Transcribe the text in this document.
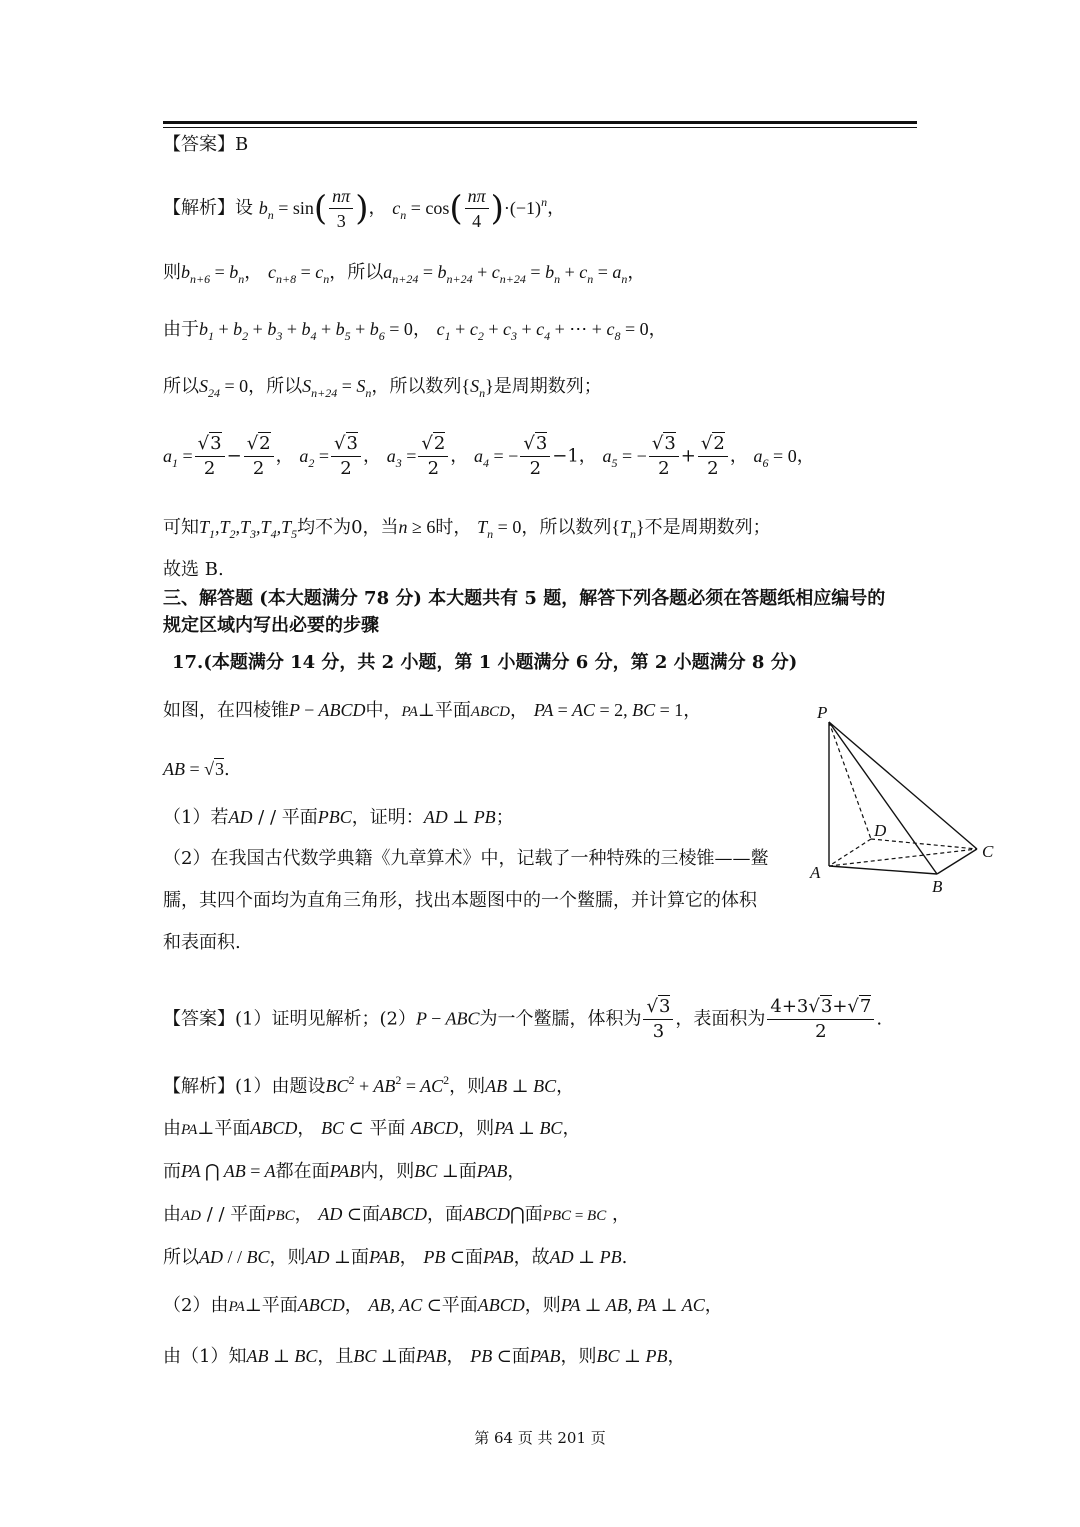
【答案】B
【解析】设 $b_n = \sin( \frac{n\pi}{3}$ )， $c_n = \cos( \frac{n\pi}{4} )\cdot(-1)^n$，
则$b_{n+6} = b_n$， $c_{n+8} = c_n$，所以$a_{n+24} = b_{n+24} + c_{n+24} = b_n + c_n = a_n$，
由于$b_1 + b_2 + b_3 + b_4 + b_5 + b_6 = 0$， $c_1 + c_2 + c_3 + c_4$ + ⋯ + $c_8 = 0$，
所以$S_{24} = 0$，所以$S_{n+24} = S_n$，所以数列$\{S_n\}$是周期数列；
$a_1 = \frac{√3}{2} - \frac{√2}{2}$ ， $a_2 = \frac{√3}{2}$ ， $a_3 = \frac{√2}{2}$ ， $a_4$ = − $\frac{√3}{2} -1$， $a_5$ = − $\frac{√3}{2} + \frac{√2}{2}$ ， $a_6 = 0$，
可知$T_1,T_2,T_3,T_4,T_5$均不为0，当n ≥ 6时， $T_n = 0$，所以数列$\{T_n\}$不是周期数列；
故选 B.
三、解答题 (本大题满分 78 分) 本大题共有 5 题，解答下列各题必须在答题纸相应编号的
规定区域内写出必要的步骤
17.(本题满分 14 分，共 2 小题，第 1 小题满分 6 分，第 2 小题满分 8 分)
如图，在四棱锥P − ABCD中，PA⊥平面ABCD， PA = AC = 2, BC = 1，
AB = √3.
（1）若AD / / 平面PBC，证明：AD ⊥ PB；
（2）在我国古代数学典籍《九章算术》中，记载了一种特殊的三棱锥——鳖
臑，其四个面均为直角三角形，找出本题图中的一个鳖臑，并计算它的体积
和表面积.
P
D
C
A
B
【答案】(1）证明见解析；(2）P − ABC为一个鳖臑，体积为 $\frac{√3}{3}$ ，表面积为 $\frac{4+3√3+√7}{2}$ .
【解析】(1）由题设$BC^2 + AB^2 = AC^2$，则AB ⊥ BC，
由PA⊥平面ABCD， BC ⊂ 平面 ABCD，则PA ⊥ BC，
而PA ⋂ AB = A都在面PAB内，则BC ⊥面PAB，
由AD / / 平面PBC， AD ⊂面ABCD，面ABCD⋂面PBC = BC ，
所以AD / / BC，则AD ⊥面PAB， PB ⊂面PAB，故AD ⊥ PB.
（2）由PA⊥平面ABCD， AB, AC ⊂平面ABCD，则PA ⊥ AB, PA ⊥ AC，
由（1）知AB ⊥ BC，且BC ⊥面PAB， PB ⊂面PAB，则BC ⊥ PB，
第 64 页 共 201 页
